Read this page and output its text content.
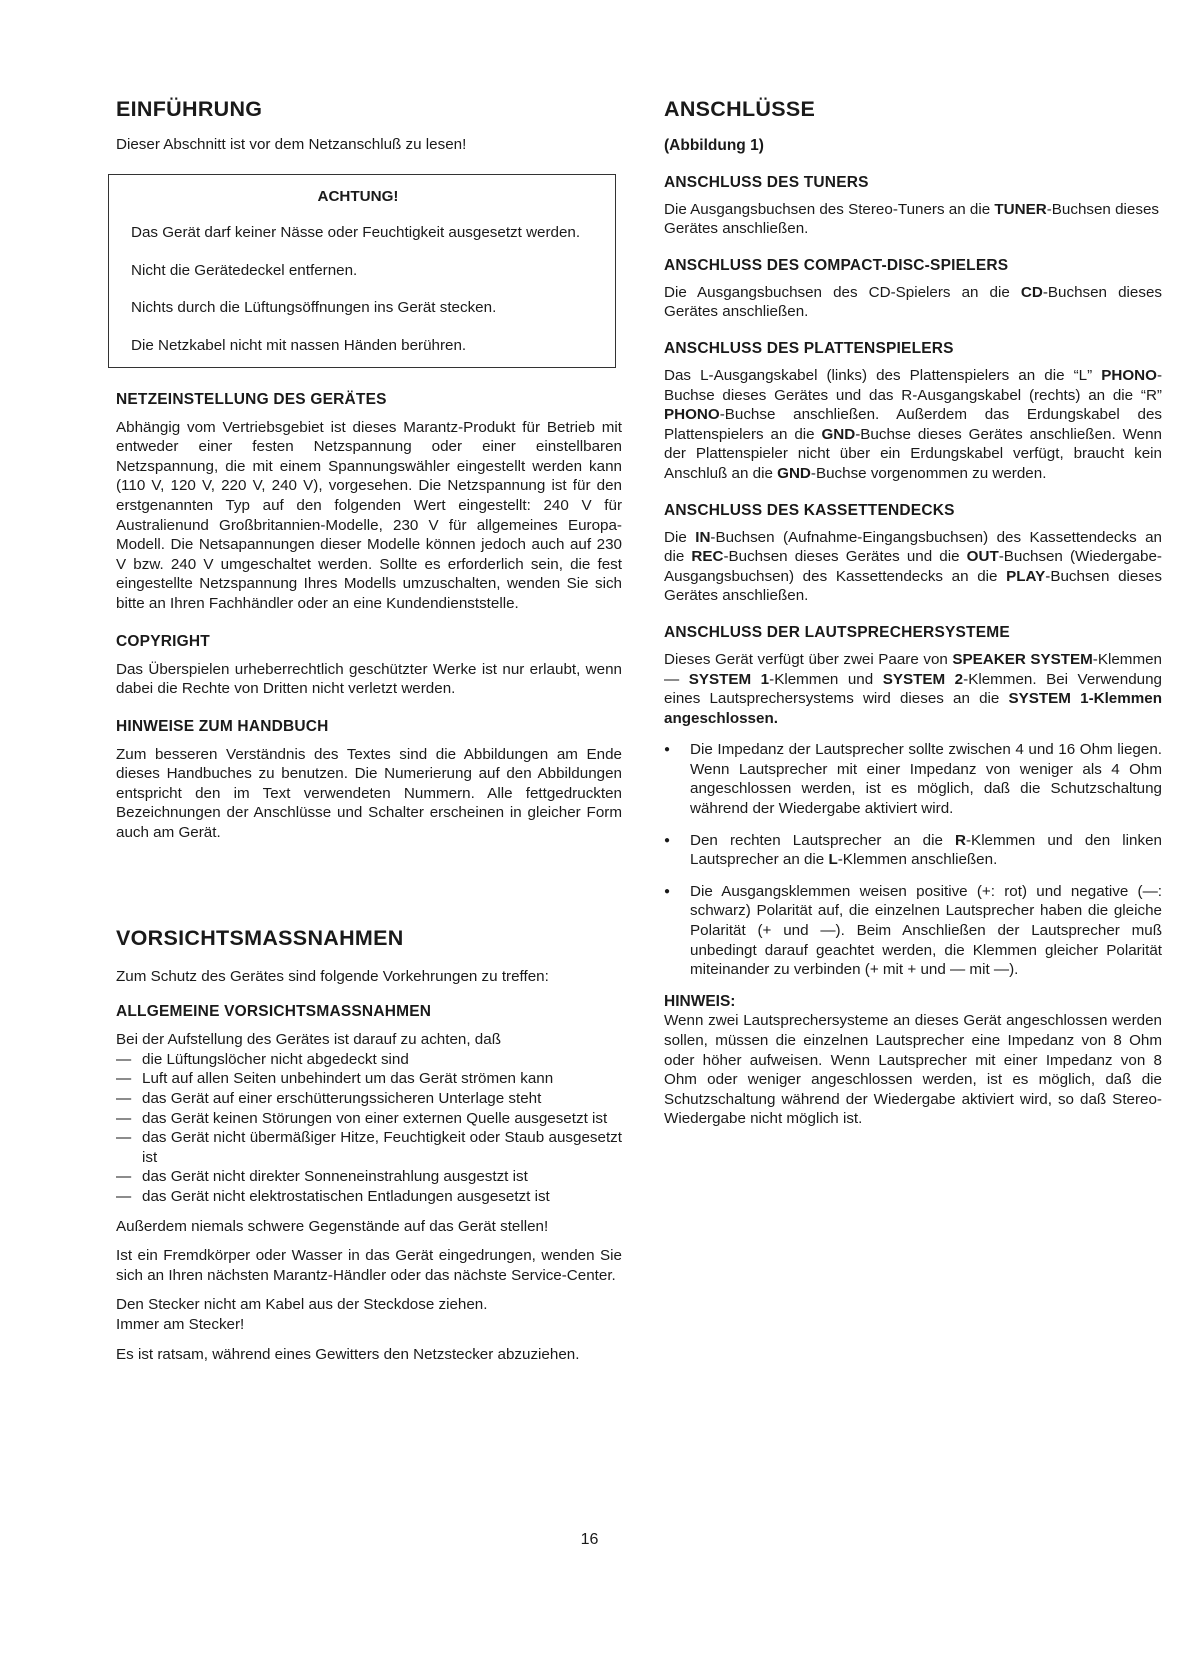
EINFÜHRUNG

Dieser Abschnitt ist vor dem Netzanschluß zu lesen!

ACHTUNG!

Das Gerät darf keiner Nässe oder Feuchtigkeit ausgesetzt werden.

Nicht die Gerätedeckel entfernen.

Nichts durch die Lüftungsöffnungen ins Gerät stecken.

Die Netzkabel nicht mit nassen Händen berühren.

NETZEINSTELLUNG DES GERÄTES

Abhängig vom Vertriebsgebiet ist dieses Marantz-Produkt für Betrieb mit entweder einer festen Netzspannung oder einer einstellbaren Netzspannung, die mit einem Spannungswähler eingestellt werden kann (110 V, 120 V, 220 V, 240 V), vorgesehen. Die Netzspannung ist für den erstgenannten Typ auf den folgenden Wert eingestellt: 240 V für Australienund Großbritannien-Modelle, 230 V für allgemeines Europa-Modell. Die Netsapannungen dieser Modelle können jedoch auch auf 230 V bzw. 240 V umgeschaltet werden. Sollte es erforderlich sein, die fest eingestellte Netzspannung Ihres Modells umzuschalten, wenden Sie sich bitte an Ihren Fachhändler oder an eine Kundendienststelle.

COPYRIGHT

Das Überspielen urheberrechtlich geschützter Werke ist nur erlaubt, wenn dabei die Rechte von Dritten nicht verletzt werden.

HINWEISE ZUM HANDBUCH

Zum besseren Verständnis des Textes sind die Abbildungen am Ende dieses Handbuches zu benutzen. Die Numerierung auf den Abbildungen entspricht den im Text verwendeten Nummern. Alle fettgedruckten Bezeichnungen der Anschlüsse und Schalter erscheinen in gleicher Form auch am Gerät.

VORSICHTSMASSNAHMEN

Zum Schutz des Gerätes sind folgende Vorkehrungen zu treffen:

ALLGEMEINE VORSICHTSMASSNAHMEN

Bei der Aufstellung des Gerätes ist darauf zu achten, daß

— die Lüftungslöcher nicht abgedeckt sind
— Luft auf allen Seiten unbehindert um das Gerät strömen kann
— das Gerät auf einer erschütterungssicheren Unterlage steht
— das Gerät keinen Störungen von einer externen Quelle ausgesetzt ist
— das Gerät nicht übermäßiger Hitze, Feuchtigkeit oder Staub ausgesetzt ist
— das Gerät nicht direkter Sonneneinstrahlung ausgestzt ist
— das Gerät nicht elektrostatischen Entladungen ausgesetzt ist

Außerdem niemals schwere Gegenstände auf das Gerät stellen!

Ist ein Fremdkörper oder Wasser in das Gerät eingedrungen, wenden Sie sich an Ihren nächsten Marantz-Händler oder das nächste Service-Center.

Den Stecker nicht am Kabel aus der Steckdose ziehen.

Immer am Stecker!

Es ist ratsam, während eines Gewitters den Netzstecker abzuziehen.

ANSCHLÜSSE
(Abbildung 1)
ANSCHLUSS DES TUNERS

Die Ausgangsbuchsen des Stereo-Tuners an die TUNER-Buchsen dieses Gerätes anschließen.

ANSCHLUSS DES COMPACT-DISC-SPIELERS

Die Ausgangsbuchsen des CD-Spielers an die CD-Buchsen dieses Gerätes anschließen.

ANSCHLUSS DES PLATTENSPIELERS

Das L-Ausgangskabel (links) des Plattenspielers an die “L” PHONO-Buchse dieses Gerätes und das R-Ausgangskabel (rechts) an die “R” PHONO-Buchse anschließen. Außerdem das Erdungskabel des Plattenspielers an die GND-Buchse dieses Gerätes anschließen. Wenn der Plattenspieler nicht über ein Erdungskabel verfügt, braucht kein Anschluß an die GND-Buchse vorgenommen zu werden.

ANSCHLUSS DES KASSETTENDECKS

Die IN-Buchsen (Aufnahme-Eingangsbuchsen) des Kassettendecks an die REC-Buchsen dieses Gerätes und die OUT-Buchsen (Wiedergabe-Ausgangsbuchsen) des Kassettendecks an die PLAY-Buchsen dieses Gerätes anschließen.

ANSCHLUSS DER LAUTSPRECHERSYSTEME

Dieses Gerät verfügt über zwei Paare von SPEAKER SYSTEM-Klemmen — SYSTEM 1-Klemmen und SYSTEM 2-Klemmen. Bei Verwendung eines Lautsprechersystems wird dieses an die SYSTEM 1-Klemmen angeschlossen.

● Die Impedanz der Lautsprecher sollte zwischen 4 und 16 Ohm liegen. Wenn Lautsprecher mit einer Impedanz von weniger als 4 Ohm angeschlossen werden, ist es möglich, daß die Schutzschaltung während der Wiedergabe aktiviert wird.
● Den rechten Lautsprecher an die R-Klemmen und den linken Lautsprecher an die L-Klemmen anschließen.
● Die Ausgangsklemmen weisen positive (+: rot) und negative (—: schwarz) Polarität auf, die einzelnen Lautsprecher haben die gleiche Polarität (+ und —). Beim Anschließen der Lautsprecher muß unbedingt darauf geachtet werden, die Klemmen gleicher Polarität miteinander zu verbinden (+ mit + und — mit —).

HINWEIS:

Wenn zwei Lautsprechersysteme an dieses Gerät angeschlossen werden sollen, müssen die einzelnen Lautsprecher eine Impedanz von 8 Ohm oder höher aufweisen. Wenn Lautsprecher mit einer Impedanz von 8 Ohm oder weniger angeschlossen werden, ist es möglich, daß die Schutzschaltung während der Wiedergabe aktiviert wird, so daß Stereo-Wiedergabe nicht möglich ist.

16
